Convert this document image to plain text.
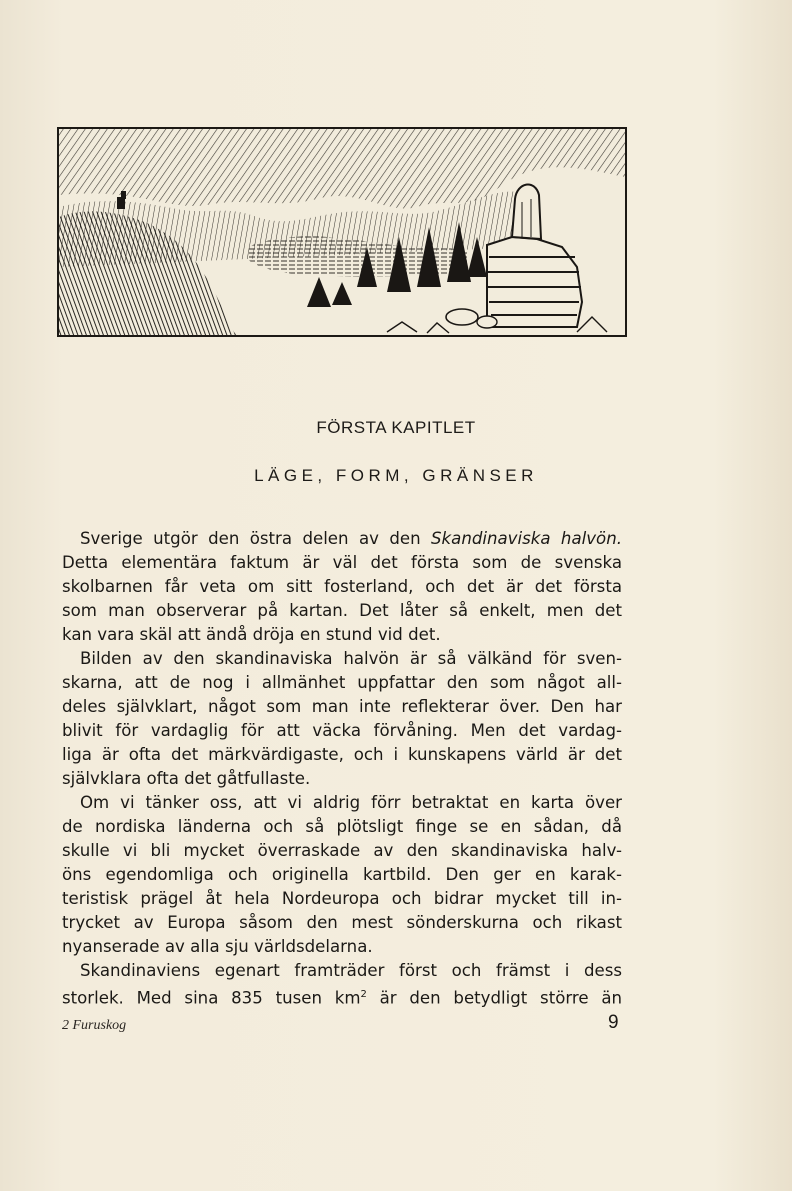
FÖRSTA KAPITLET
LÄGE, FORM, GRÄNSER
Sverige utgör den östra delen av den Skandinaviska halvön.
Detta elementära faktum är väl det första som de svenska
skolbarnen får veta om sitt fosterland, och det är det första
som man observerar på kartan. Det låter så enkelt, men det
kan vara skäl att ändå dröja en stund vid det.
Bilden av den skandinaviska halvön är så välkänd för sven-
skarna, att de nog i allmänhet uppfattar den som något all-
deles självklart, något som man inte reflekterar över. Den har
blivit för vardaglig för att väcka förvåning. Men det vardag-
liga är ofta det märkvärdigaste, och i kunskapens värld är det
självklara ofta det gåtfullaste.
Om vi tänker oss, att vi aldrig förr betraktat en karta över
de nordiska länderna och så plötsligt finge se en sådan, då
skulle vi bli mycket överraskade av den skandinaviska halv-
öns egendomliga och originella kartbild. Den ger en karak-
teristisk prägel åt hela Nordeuropa och bidrar mycket till in-
trycket av Europa såsom den mest sönderskurna och rikast
nyanserade av alla sju världsdelarna.
Skandinaviens egenart framträder först och främst i dess
storlek. Med sina 835 tusen $km^2$ är den betydligt större än
2 Furuskog	9
